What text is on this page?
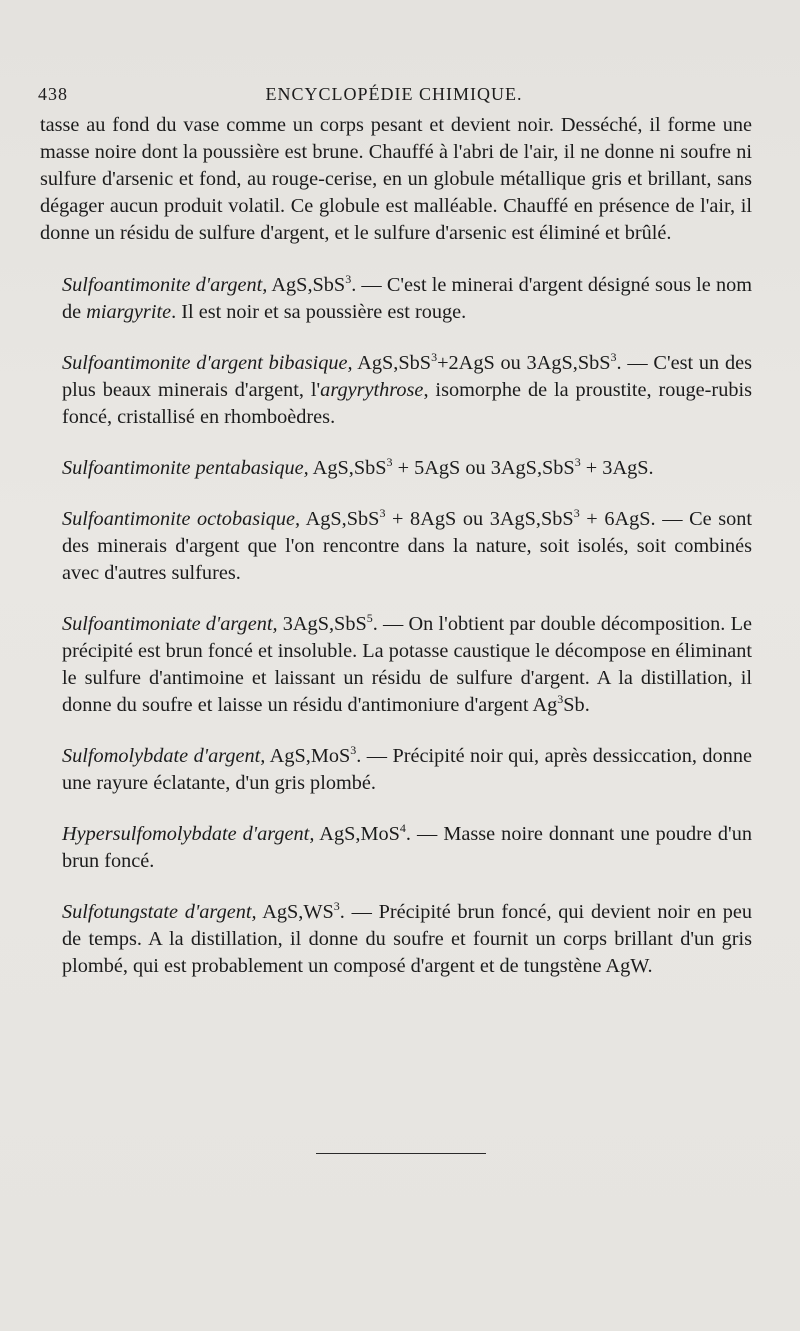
438	ENCYCLOPÉDIE CHIMIQUE.

tasse au fond du vase comme un corps pesant et devient noir. Desséché, il forme une masse noire dont la poussière est brune. Chauffé à l'abri de l'air, il ne donne ni soufre ni sulfure d'arsenic et fond, au rouge-cerise, en un globule métallique gris et brillant, sans dégager aucun produit volatil. Ce globule est malléable. Chauffé en présence de l'air, il donne un résidu de sulfure d'argent, et le sulfure d'arsenic est éliminé et brûlé.

Sulfoantimonite d'argent, AgS,SbS$^3$. — C'est le minerai d'argent désigné sous le nom de miargyrite. Il est noir et sa poussière est rouge.

Sulfoantimonite d'argent bibasique, AgS,SbS$^3$+2AgS ou 3AgS,SbS$^3$. — C'est un des plus beaux minerais d'argent, l'argyrythrose, isomorphe de la proustite, rouge-rubis foncé, cristallisé en rhomboèdres.

Sulfoantimonite pentabasique, AgS,SbS$^3$ + 5AgS ou 3AgS,SbS$^3$ + 3AgS.

Sulfoantimonite octobasique, AgS,SbS$^3$ + 8AgS ou 3AgS,SbS$^3$ + 6AgS. — Ce sont des minerais d'argent que l'on rencontre dans la nature, soit isolés, soit combinés avec d'autres sulfures.

Sulfoantimoniate d'argent, 3AgS,SbS$^5$. — On l'obtient par double décomposition. Le précipité est brun foncé et insoluble. La potasse caustique le décompose en éliminant le sulfure d'antimoine et laissant un résidu de sulfure d'argent. A la distillation, il donne du soufre et laisse un résidu d'antimoniure d'argent Ag$^3$Sb.

Sulfomolybdate d'argent, AgS,MoS$^3$. — Précipité noir qui, après dessiccation, donne une rayure éclatante, d'un gris plombé.

Hypersulfomolybdate d'argent, AgS,MoS$^4$. — Masse noire donnant une poudre d'un brun foncé.

Sulfotungstate d'argent, $AgS,WS^3$. — Précipité brun foncé, qui devient noir en peu de temps. A la distillation, il donne du soufre et fournit un corps brillant d'un gris plombé, qui est probablement un composé d'argent et de tungstène AgW.
